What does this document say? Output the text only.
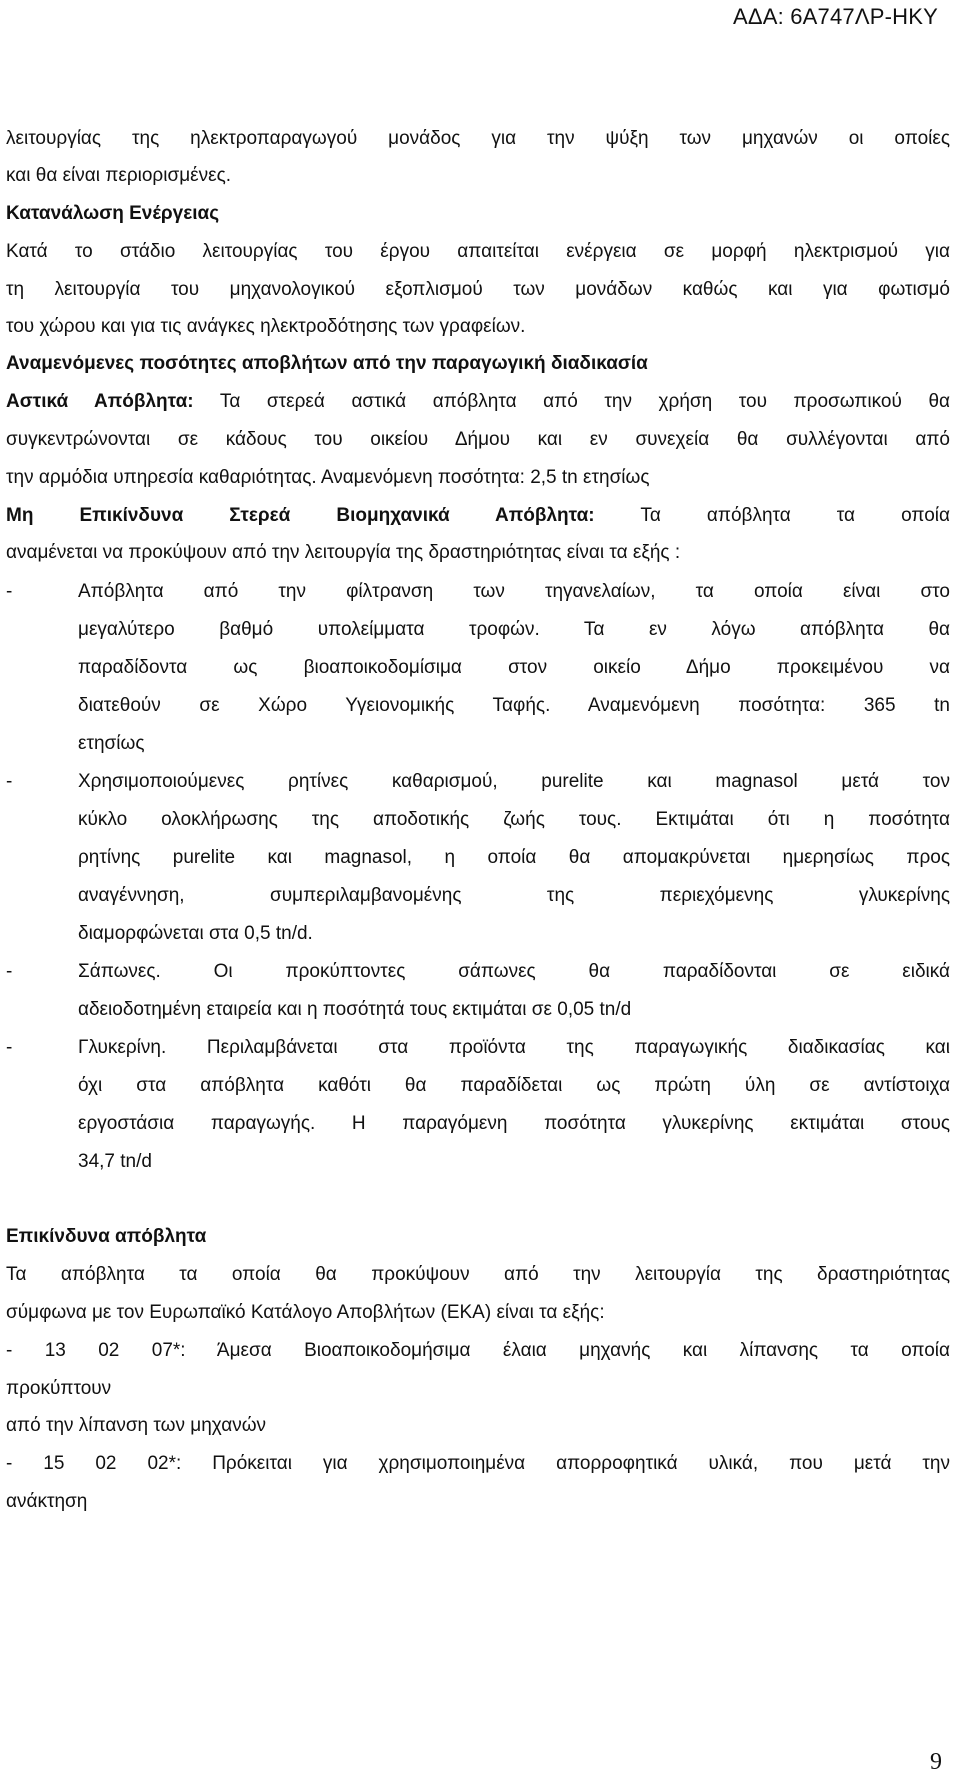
ΑΔΑ: 6Α747ΛΡ-ΗΚΥ
λειτουργίας της ηλεκτροπαραγωγού μονάδος για την ψύξη των μηχανών οι οποίες
και θα είναι περιορισμένες.
Κατανάλωση Ενέργειας
Κατά το στάδιο λειτουργίας του έργου απαιτείται ενέργεια σε μορφή ηλεκτρισμού για
τη λειτουργία του μηχανολογικού εξοπλισμού των μονάδων καθώς και για φωτισμό
του χώρου και για τις ανάγκες ηλεκτροδότησης των γραφείων.
Αναμενόμενες ποσότητες αποβλήτων από την παραγωγική διαδικασία
Αστικά Απόβλητα: Τα στερεά αστικά απόβλητα από την χρήση του προσωπικού θα
συγκεντρώνονται σε κάδους του οικείου Δήμου και εν συνεχεία θα συλλέγονται από
την αρμόδια υπηρεσία καθαριότητας. Αναμενόμενη ποσότητα: 2,5 tn ετησίως
Μη Επικίνδυνα Στερεά Βιομηχανικά Απόβλητα: Τα απόβλητα τα οποία
αναμένεται να προκύψουν από την λειτουργία της δραστηριότητας είναι τα εξής :
-	Απόβλητα από την φίλτρανση των τηγανελαίων, τα οποία είναι στο
μεγαλύτερο βαθμό υπολείμματα τροφών. Τα εν λόγω απόβλητα θα
παραδίδοντα ως βιοαποικοδομίσιμα στον οικείο Δήμο προκειμένου να
διατεθούν σε Χώρο Υγειονομικής Ταφής. Αναμενόμενη ποσότητα: 365 tn
ετησίως
-	Χρησιμοποιούμενες ρητίνες καθαρισμού, purelite και magnasol μετά τον
κύκλο ολοκλήρωσης της αποδοτικής ζωής τους. Εκτιμάται ότι η ποσότητα
ρητίνης purelite και magnasol, η οποία θα απομακρύνεται ημερησίως προς
αναγέννηση, συμπεριλαμβανομένης της περιεχόμενης γλυκερίνης
διαμορφώνεται στα 0,5 tn/d.
-	Σάπωνες. Οι προκύπτοντες σάπωνες θα παραδίδονται σε ειδικά
αδειοδοτημένη εταιρεία και η ποσότητά τους εκτιμάται σε 0,05 tn/d
-	Γλυκερίνη. Περιλαμβάνεται στα προϊόντα της παραγωγικής διαδικασίας και
όχι στα απόβλητα καθότι θα παραδίδεται ως πρώτη ύλη σε αντίστοιχα
εργοστάσια παραγωγής. Η παραγόμενη ποσότητα γλυκερίνης εκτιμάται στους
34,7 tn/d
Επικίνδυνα απόβλητα
Τα απόβλητα τα οποία θα προκύψουν από την λειτουργία της δραστηριότητας
σύμφωνα με τον Ευρωπαϊκό Κατάλογο Αποβλήτων (ΕΚΑ) είναι τα εξής:
- 13 02 07*: Άμεσα Βιοαποικοδομήσιμα έλαια μηχανής και λίπανσης τα οποία
προκύπτουν
από την λίπανση των μηχανών
- 15 02 02*: Πρόκειται για χρησιμοποιημένα απορροφητικά υλικά, που μετά την
ανάκτηση
9
